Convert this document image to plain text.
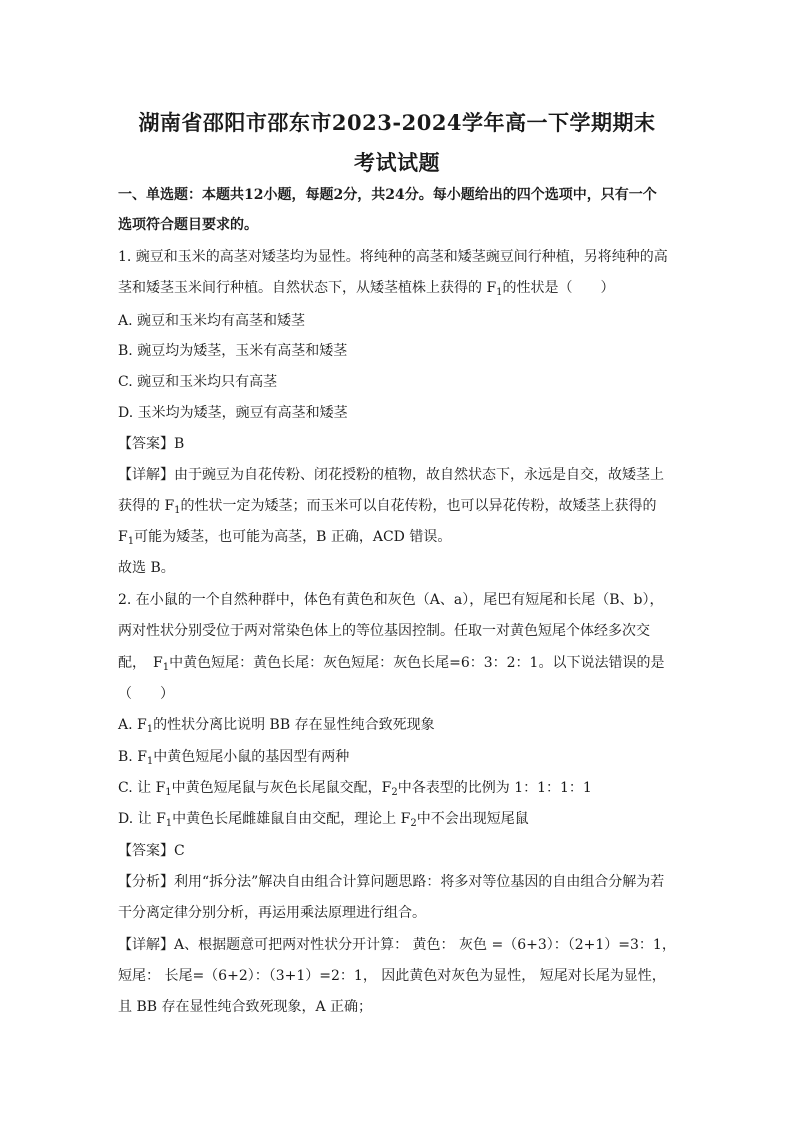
湖南省邵阳市邵东市2023-2024学年高一下学期期末
考试试题
一、单选题：本题共12小题，每题2分，共24分。每小题给出的四个选项中，只有一个
选项符合题目要求的。
1. 豌豆和玉米的高茎对矮茎均为显性。将纯种的高茎和矮茎豌豆间行种植，另将纯种的高
茎和矮茎玉米间行种植。自然状态下，从矮茎植株上获得的 $F_1$的性状是（　　）
A. 豌豆和玉米均有高茎和矮茎
B. 豌豆均为矮茎，玉米有高茎和矮茎
C. 豌豆和玉米均只有高茎
D. 玉米均为矮茎，豌豆有高茎和矮茎
【答案】B
【详解】由于豌豆为自花传粉、闭花授粉的植物，故自然状态下，永远是自交，故矮茎上
获得的 $F_1$的性状一定为矮茎；而玉米可以自花传粉，也可以异花传粉，故矮茎上获得的
$F_1$可能为矮茎，也可能为高茎，B 正确，ACD 错误。
故选 B。
2. 在小鼠的一个自然种群中，体色有黄色和灰色（A、a），尾巴有短尾和长尾（B、b），
两对性状分别受位于两对常染色体上的等位基因控制。任取一对黄色短尾个体经多次交
配，　$F_1$中黄色短尾：黄色长尾：灰色短尾：灰色长尾=6：3：2：1。以下说法错误的是
（　　）
A. $F_1$的性状分离比说明 BB 存在显性纯合致死现象
B. $F_1$中黄色短尾小鼠的基因型有两种
C. 让 $F_1$中黄色短尾鼠与灰色长尾鼠交配，$F_2$中各表型的比例为 1：1：1：1
D. 让 $F_1$中黄色长尾雌雄鼠自由交配，理论上 $F_2$中不会出现短尾鼠
【答案】C
【分析】利用“拆分法”解决自由组合计算问题思路：将多对等位基因的自由组合分解为若
干分离定律分别分析，再运用乘法原理进行组合。
【详解】A、根据题意可把两对性状分开计算： 黄色： 灰色 =（6+3）：（2+1）=3：1，
短尾： 长尾=（6+2）：（3+1）=2：1， 因此黄色对灰色为显性， 短尾对长尾为显性，
且 BB 存在显性纯合致死现象，A 正确；
